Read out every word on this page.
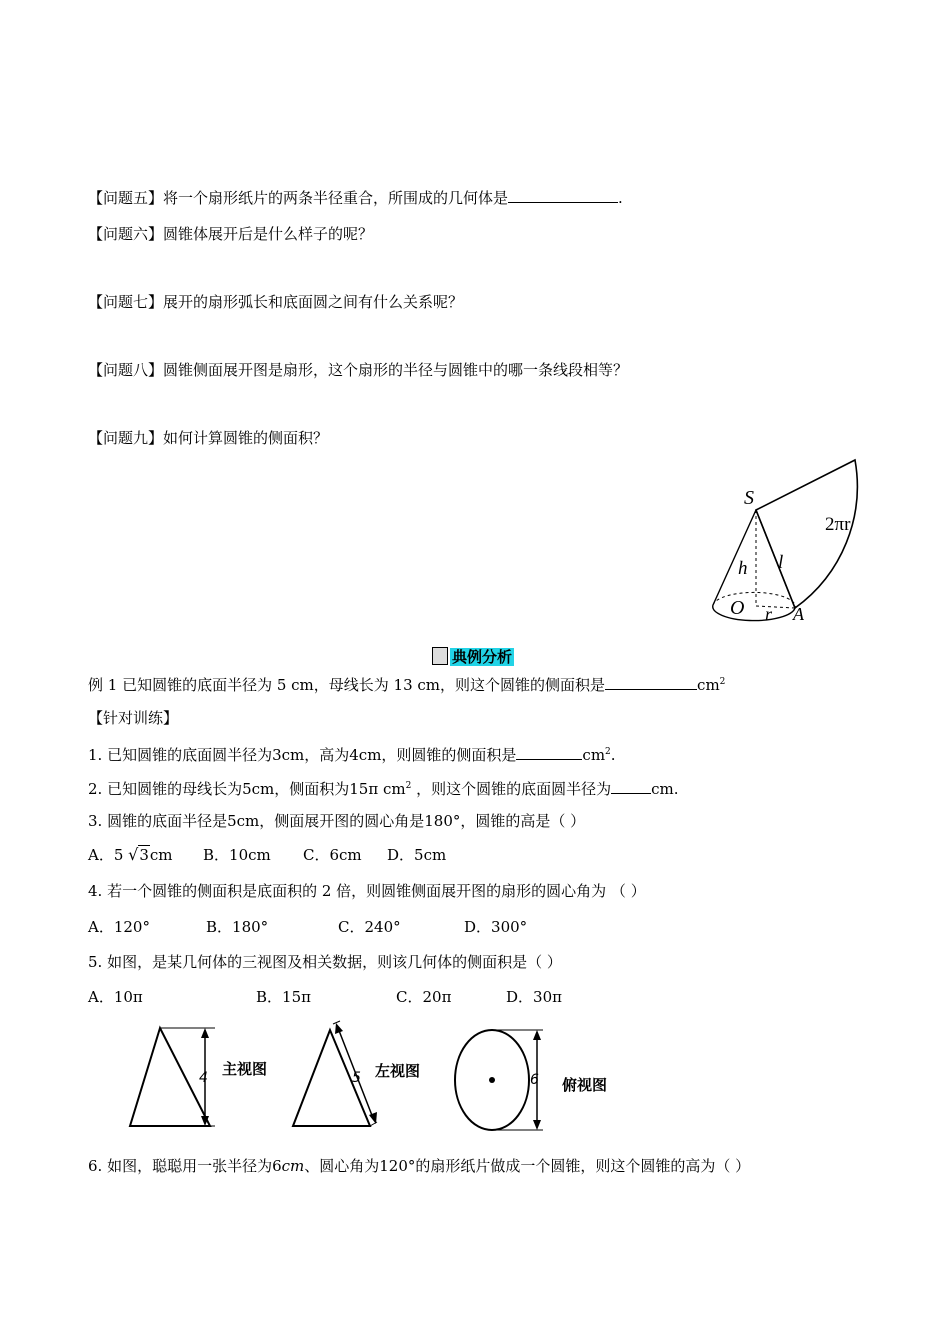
【问题五】将一个扇形纸片的两条半径重合，所围成的几何体是	.
【问题六】圆锥体展开后是什么样子的呢？
【问题七】展开的扇形弧长和底面圆之间有什么关系呢？
【问题八】圆锥侧面展开图是扇形，这个扇形的半径与圆锥中的哪一条线段相等？
【问题九】如何计算圆锥的侧面积？
S
2πr
l
h
O r A
典例分析
例 1 已知圆锥的底面半径为 5 cm，母线长为 13 cm，则这个圆锥的侧面积是	$cm^2$
【针对训练】
1. 已知圆锥的底面圆半径为3cm，高为4cm，则圆锥的侧面积是	$cm^2$.
2. 已知圆锥的母线长为5cm，侧面积为15π $cm^2$ ，则这个圆锥的底面圆半径为	cm.
3. 圆锥的底面半径是5cm，侧面展开图的圆心角是180°，圆锥的高是（ ）
A．5 √3cm B．10cm C．6cm D．5cm
4. 若一个圆锥的侧面积是底面积的 2 倍，则圆锥侧面展开图的扇形的圆心角为 （ ）
A．120°	B．180°	C．240°	D．300°
5. 如图，是某几何体的三视图及相关数据，则该几何体的侧面积是（ ）
A．10π	B．15π	C．20π	D．30π
4 主视图	5 左视图	6 俯视图
6. 如图，聪聪用一张半径为6cm、圆心角为120°的扇形纸片做成一个圆锥，则这个圆锥的高为（ ）
